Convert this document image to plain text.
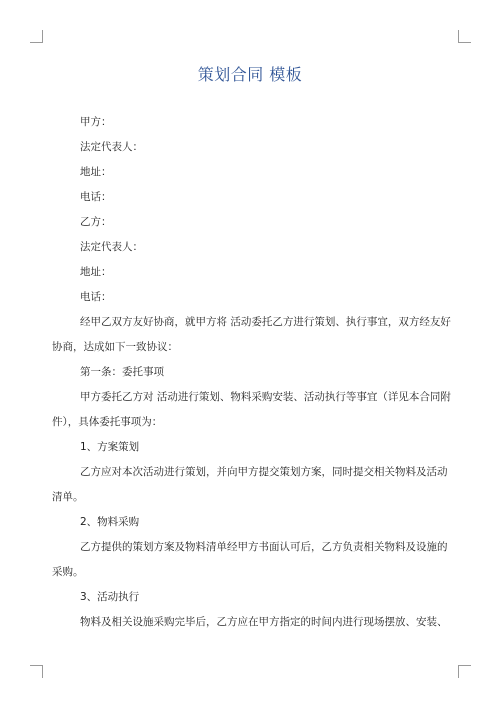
策划合同 模板
甲方：
法定代表人：
地址：
电话：
乙方：
法定代表人：
地址：
电话：
经甲乙双方友好协商，就甲方将 活动委托乙方进行策划、执行事宜，双方经友好
协商，达成如下一致协议：
第一条：委托事项
甲方委托乙方对 活动进行策划、物料采购安装、活动执行等事宜（详见本合同附
件），具体委托事项为：
1、方案策划
乙方应对本次活动进行策划，并向甲方提交策划方案，同时提交相关物料及活动
清单。
2、物料采购
乙方提供的策划方案及物料清单经甲方书面认可后，乙方负责相关物料及设施的
采购。
3、活动执行
物料及相关设施采购完毕后，乙方应在甲方指定的时间内进行现场摆放、安装、
